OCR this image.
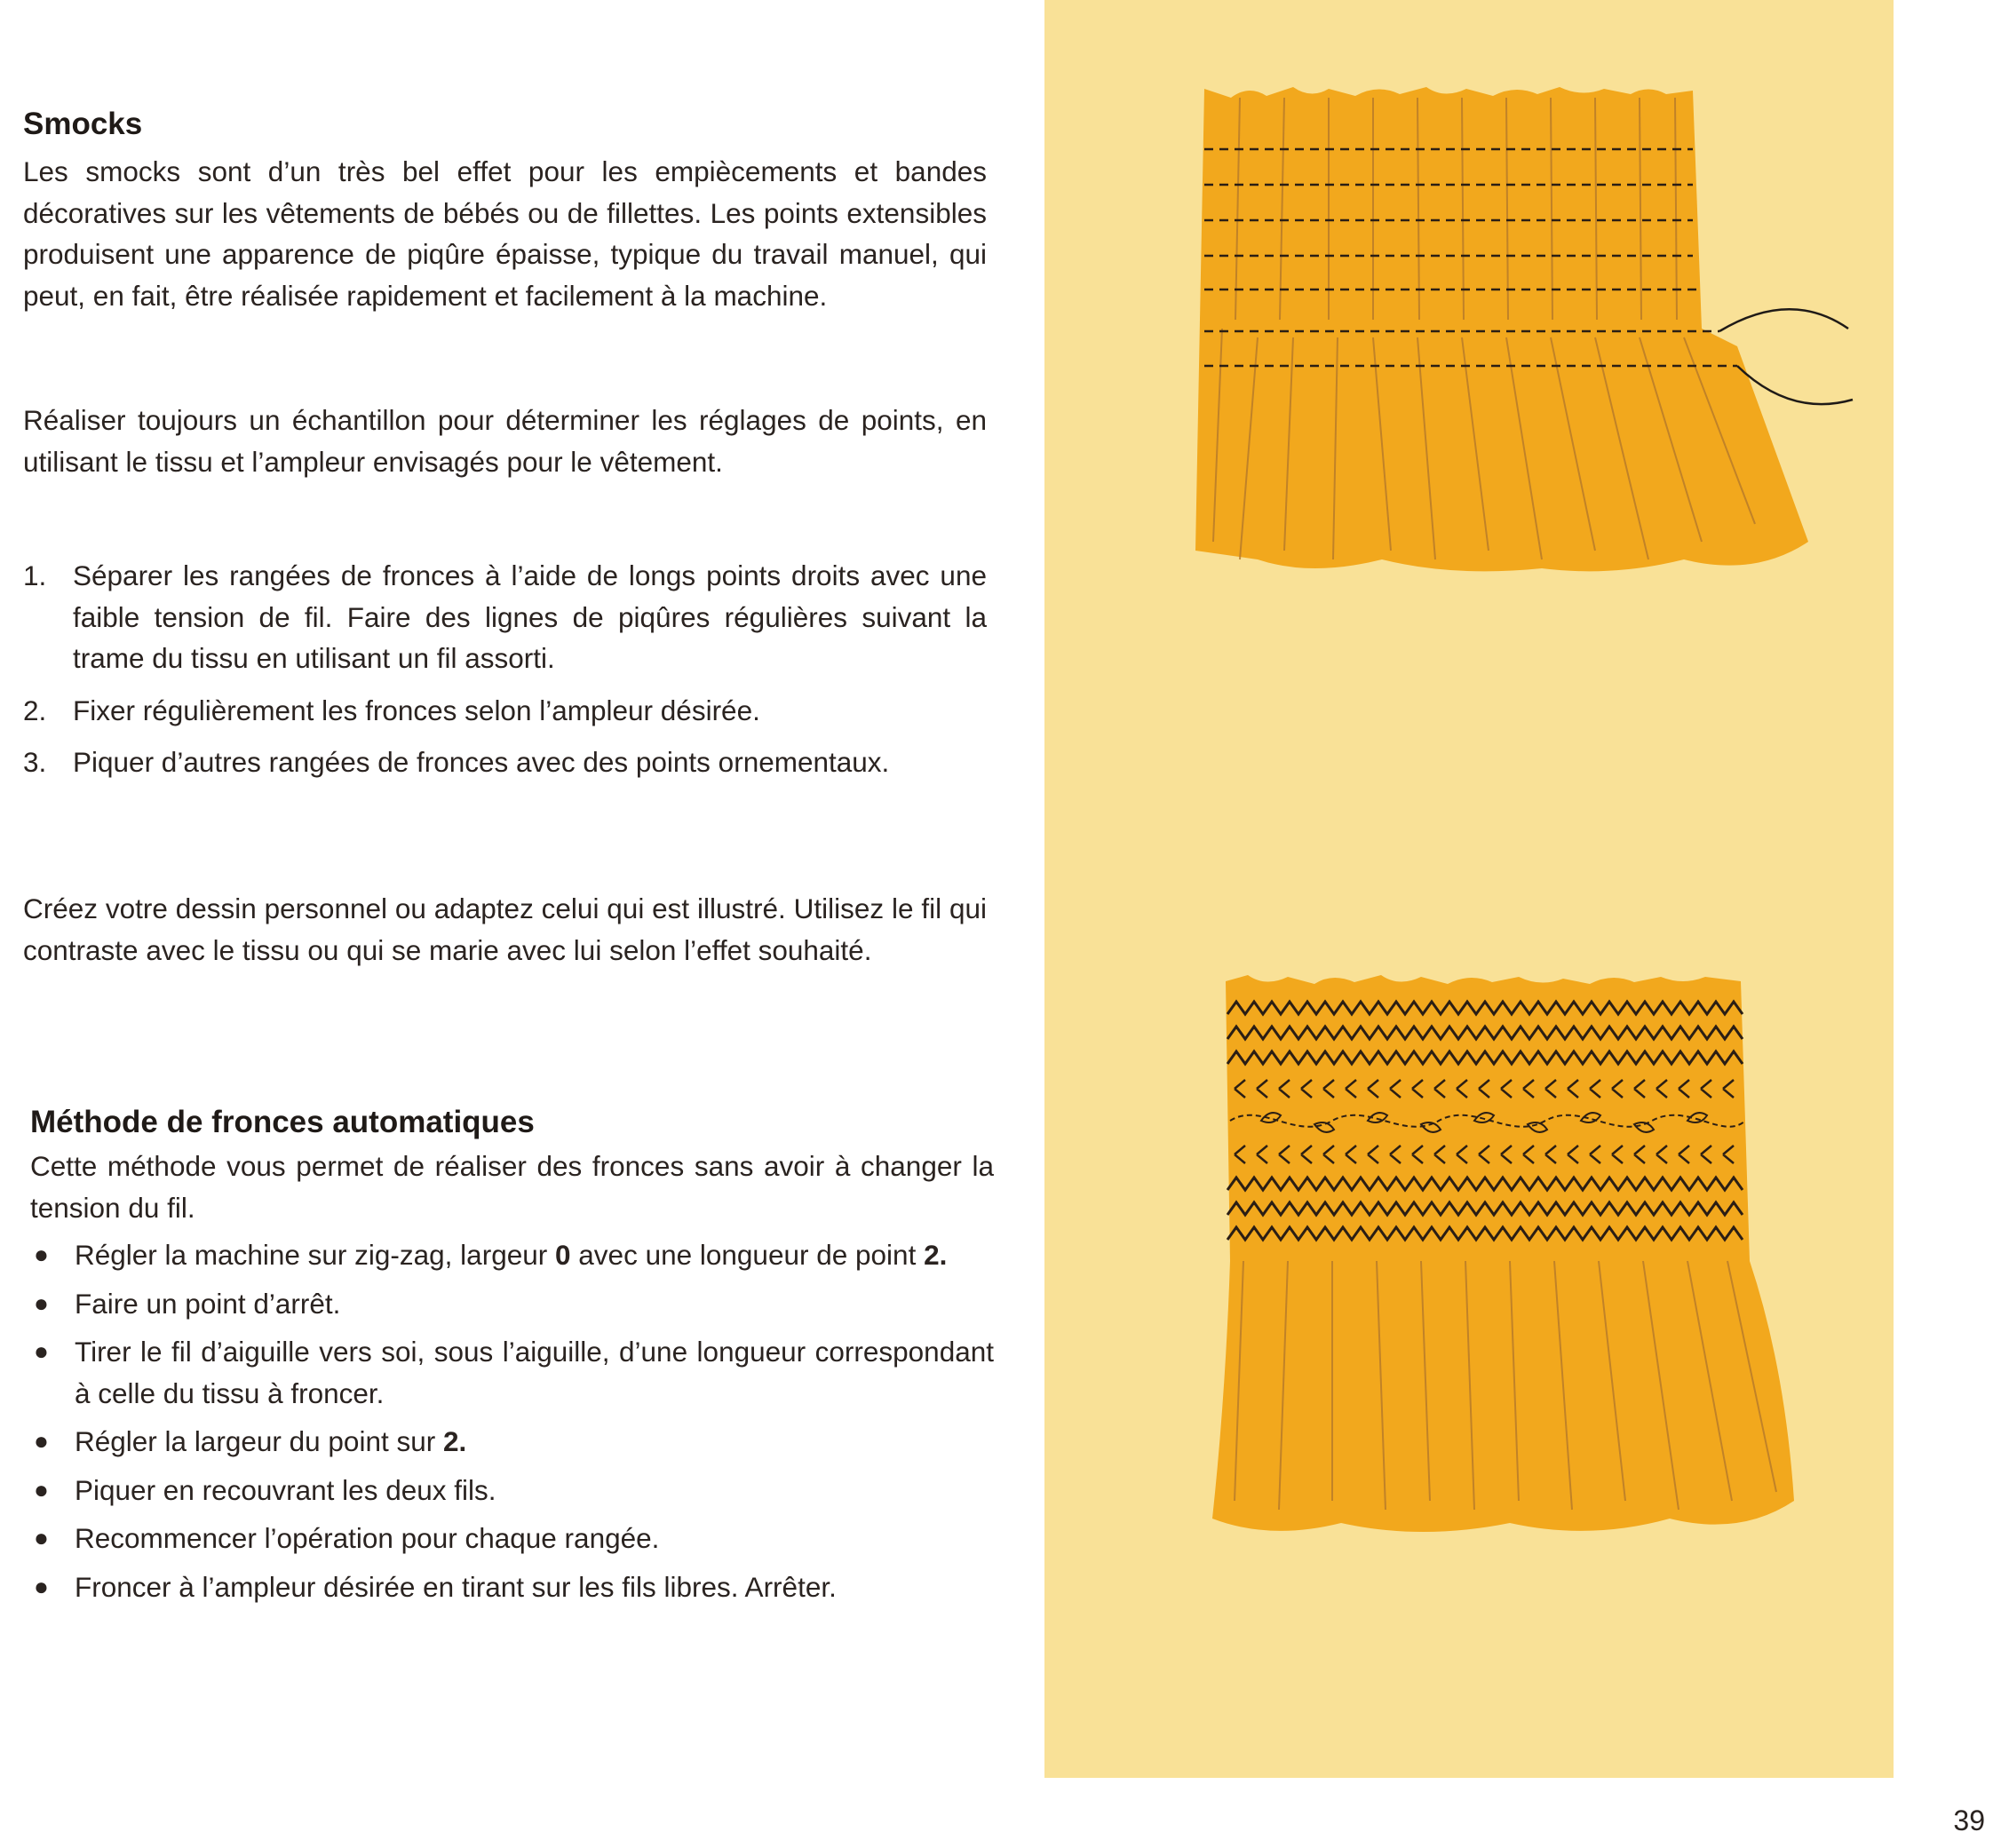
Smocks

Les smocks sont d’un très bel effet pour les empiècements et bandes décoratives sur les vêtements de bébés ou de fillettes. Les points extensibles produisent une apparence de piqûre épaisse, typique du travail manuel, qui peut, en fait, être réalisée rapidement et facilement à la machine.

Réaliser toujours un échantillon pour déterminer les réglages de points, en utilisant le tissu et l’ampleur envisagés pour le vêtement.

1. Séparer les rangées de fronces à l’aide de longs points droits avec une faible tension de fil. Faire des lignes de piqûres régulières suivant la trame du tissu en utilisant un fil assorti.
2. Fixer régulièrement les fronces selon l’ampleur désirée.
3. Piquer d’autres rangées de fronces avec des points ornementaux.

Créez votre dessin personnel ou adaptez celui qui est illustré. Utilisez le fil qui contraste avec le tissu ou qui se marie avec lui selon l’effet souhaité.

Méthode de fronces automatiques

Cette méthode vous permet de réaliser des fronces sans avoir à changer la tension du fil.

● Régler la machine sur zig-zag, largeur 0 avec une longueur de point 2.
● Faire un point d’arrêt.
● Tirer le fil d’aiguille vers soi, sous l’aiguille, d’une longueur correspondant à celle du tissu à froncer.
● Régler la largeur du point sur 2.
● Piquer en recouvrant les deux fils.
● Recommencer l’opération pour chaque rangée.
● Froncer à l’ampleur désirée en tirant sur les fils libres. Arrêter.
39
